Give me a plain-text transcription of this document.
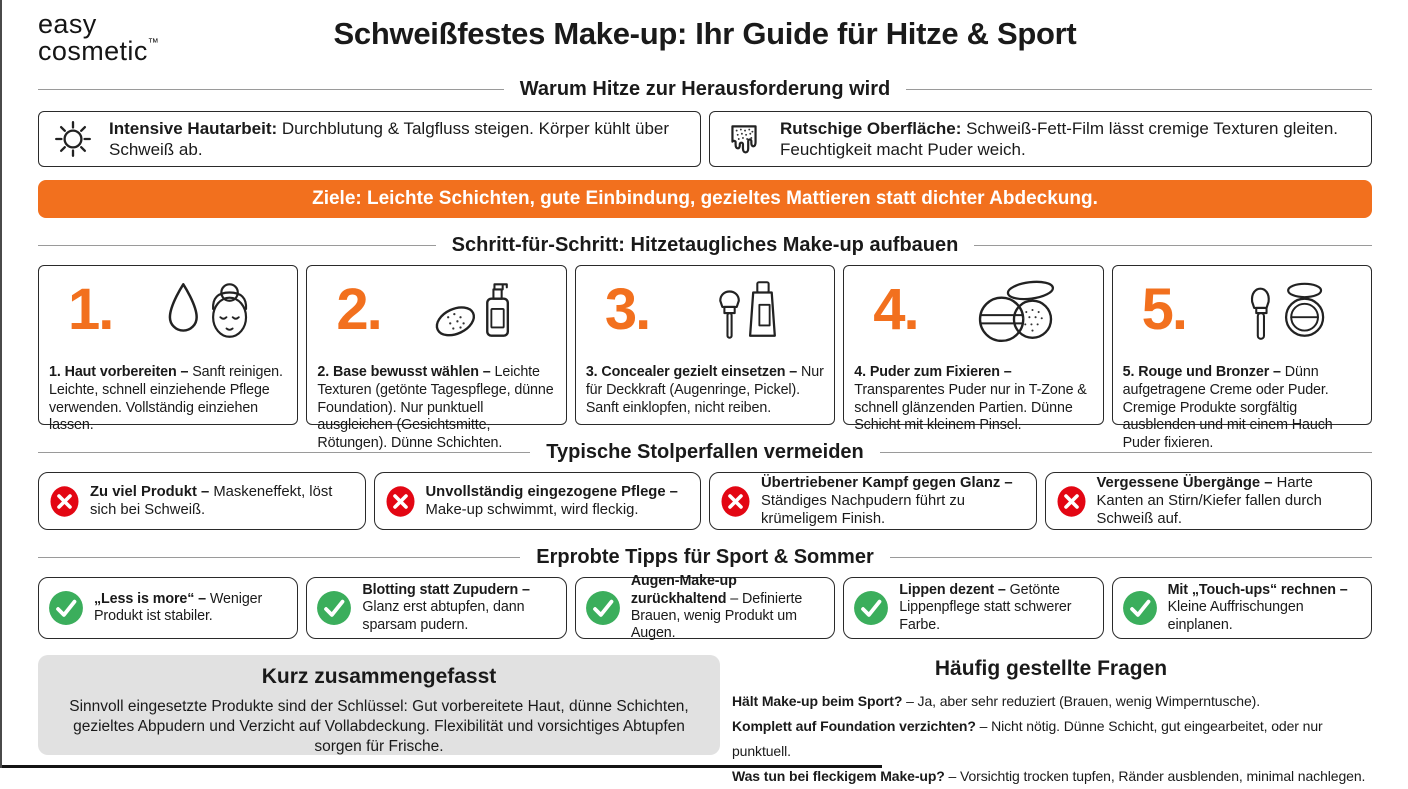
easy
cosmetic™	Schweißfestes Make-up: Ihr Guide für Hitze & Sport
Warum Hitze zur Herausforderung wird

Intensive Hautarbeit: Durchblutung & Talgfluss steigen. Körper kühlt über Schweiß ab.

Rutschige Oberfläche: Schweiß-Fett-Film lässt cremige Texturen gleiten. Feuchtigkeit macht Puder weich.

Ziele: Leichte Schichten, gute Einbindung, gezieltes Mattieren statt dichter Abdeckung.
Schritt-für-Schritt: Hitzetaugliches Make-up aufbauen
1.

1. Haut vorbereiten – Sanft reinigen. Leichte, schnell einziehende Pflege verwenden. Vollständig einziehen lassen.

2.

2. Base bewusst wählen – Leichte Texturen (getönte Tagespflege, dünne Foundation). Nur punktuell ausgleichen (Gesichtsmitte, Rötungen). Dünne Schichten.

3.

3. Concealer gezielt einsetzen – Nur für Deckkraft (Augenringe, Pickel). Sanft einklopfen, nicht reiben.

4.

4. Puder zum Fixieren – Transparentes Puder nur in T-Zone & schnell glänzenden Partien. Dünne Schicht mit kleinem Pinsel.

5.

5. Rouge und Bronzer – Dünn aufgetragene Creme oder Puder. Cremige Produkte sorgfältig ausblenden und mit einem Hauch Puder fixieren.

Typische Stolperfallen vermeiden

Zu viel Produkt – Maskeneffekt, löst sich bei Schweiß.

Unvollständig eingezogene Pflege – Make-up schwimmt, wird fleckig.

Übertriebener Kampf gegen Glanz – Ständiges Nachpudern führt zu krümeligem Finish.

Vergessene Übergänge – Harte Kanten an Stirn/Kiefer fallen durch Schweiß auf.

Erprobte Tipps für Sport & Sommer

„Less is more“ – Weniger Produkt ist stabiler.

Blotting statt Zupudern – Glanz erst abtupfen, dann sparsam pudern.

Augen-Make-up zurückhaltend – Definierte Brauen, wenig Produkt um Augen.

Lippen dezent – Getönte Lippenpflege statt schwerer Farbe.

Mit „Touch-ups“ rechnen – Kleine Auffrischungen einplanen.

Kurz zusammengefasst
Sinnvoll eingesetzte Produkte sind der Schlüssel: Gut vorbereitete Haut, dünne Schichten, gezieltes Abpudern und Verzicht auf Vollabdeckung. Flexibilität und vorsichtiges Abtupfen sorgen für Frische.
Häufig gestellte Fragen
Hält Make-up beim Sport? – Ja, aber sehr reduziert (Brauen, wenig Wimperntusche).
Komplett auf Foundation verzichten? – Nicht nötig. Dünne Schicht, gut eingearbeitet, oder nur punktuell.
Was tun bei fleckigem Make-up? – Vorsichtig trocken tupfen, Ränder ausblenden, minimal nachlegen.
